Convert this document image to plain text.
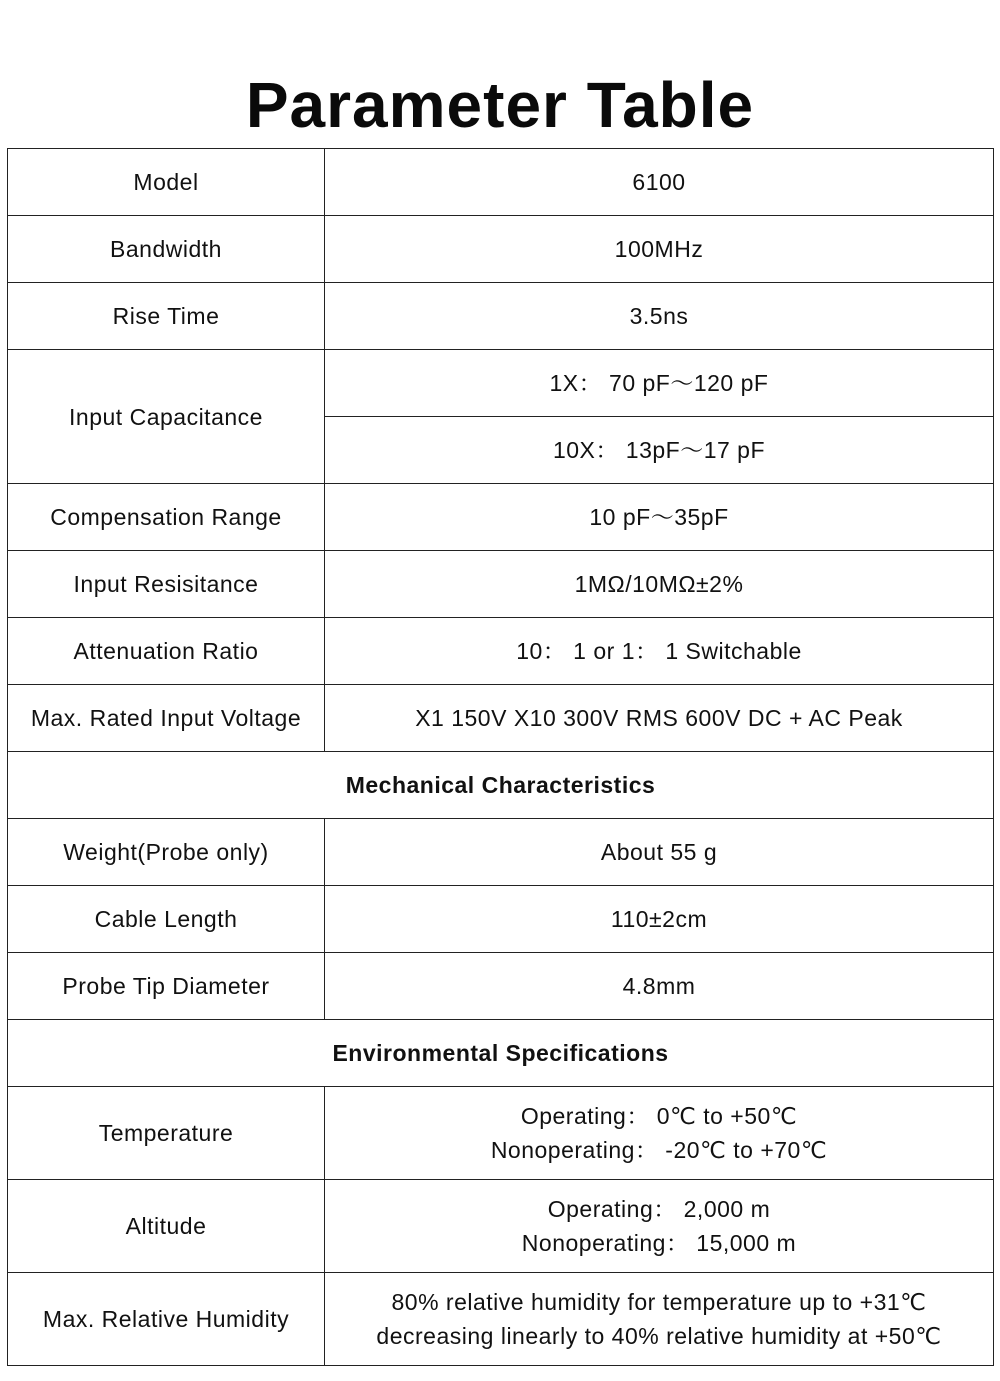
Parameter Table
Model	6100
Bandwidth	100MHz
Rise Time	3.5ns
Input Capacitance	1X： 70 pF～120 pF
	10X： 13pF～17 pF
Compensation Range	10 pF～35pF
Input Resisitance	1MΩ/10MΩ±2%
Attenuation Ratio	10： 1 or 1： 1 Switchable
Max. Rated Input Voltage	X1 150V X10 300V RMS 600V DC + AC Peak
Mechanical Characteristics	
Weight(Probe only)	About 55 g
Cable Length	110±2cm
Probe Tip Diameter	4.8mm
Environmental Specifications	
Temperature	Operating： 0℃ to +50℃
Nonoperating： -20℃ to +70℃

Altitude	Operating： 2,000 m
Nonoperating： 15,000 m

Max. Relative Humidity	80% relative humidity for temperature up to +31℃
decreasing linearly to 40% relative humidity at +50℃
